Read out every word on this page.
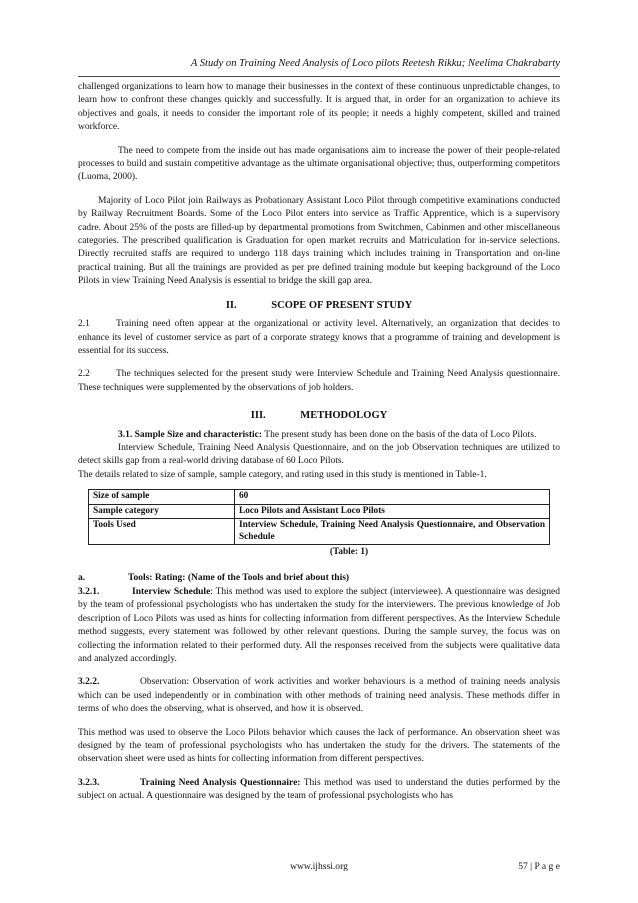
A Study on Training Need Analysis of Loco pilots Reetesh Rikku; Neelima Chakrabarty

challenged organizations to learn how to manage their businesses in the context of these continuous unpredictable changes, to learn how to confront these changes quickly and successfully. It is argued that, in order for an organization to achieve its objectives and goals, it needs to consider the important role of its people; it needs a highly competent, skilled and trained workforce.

The need to compete from the inside out has made organisations aim to increase the power of their people-related processes to build and sustain competitive advantage as the ultimate organisational objective; thus, outperforming competitors (Luoma, 2000).

Majority of Loco Pilot join Railways as Probationary Assistant Loco Pilot through competitive examinations conducted by Railway Recruitment Boards. Some of the Loco Pilot enters into service as Traffic Apprentice, which is a supervisory cadre. About 25% of the posts are filled-up by departmental promotions from Switchmen, Cabinmen and other miscellaneous categories. The prescribed qualification is Graduation for open market recruits and Matriculation for in-service selections. Directly recruited staffs are required to undergo 118 days training which includes training in Transportation and on-line practical training. But all the trainings are provided as per pre defined training module but keeping background of the Loco Pilots in view Training Need Analysis is essential to bridge the skill gap area.

II.	SCOPE OF PRESENT STUDY

2.1	Training need often appear at the organizational or activity level. Alternatively, an organization that decides to enhance its level of customer service as part of a corporate strategy knows that a programme of training and development is essential for its success.

2.2	The techniques selected for the present study were Interview Schedule and Training Need Analysis questionnaire. These techniques were supplemented by the observations of job holders.

III.	METHODOLOGY

3.1. Sample Size and characteristic: The present study has been done on the basis of the data of Loco Pilots.

Interview Schedule, Training Need Analysis Questionnaire, and on the job Observation techniques are utilized to detect skills gap from a real-world driving database of 60 Loco Pilots.

The details related to size of sample, sample category, and rating used in this study is mentioned in Table-1.

Size of sample	60
Sample category	Loco Pilots and Assistant Loco Pilots
Tools Used	Interview Schedule, Training Need Analysis Questionnaire, and Observation Schedule
(Table: 1)

a.	Tools: Rating: (Name of the Tools and brief about this)

3.2.1.	Interview Schedule: This method was used to explore the subject (interviewee). A questionnaire was designed by the team of professional psychologists who has undertaken the study for the interviewers. The previous knowledge of Job description of Loco Pilots was used as hints for collecting information from different perspectives. As the Interview Schedule method suggests, every statement was followed by other relevant questions. During the sample survey, the focus was on collecting the information related to their performed duty. All the responses received from the subjects were qualitative data and analyzed accordingly.

3.2.2.	Observation: Observation of work activities and worker behaviours is a method of training needs analysis which can be used independently or in combination with other methods of training need analysis. These methods differ in terms of who does the observing, what is observed, and how it is observed.

This method was used to observe the Loco Pilots behavior which causes the lack of performance. An observation sheet was designed by the team of professional psychologists who has undertaken the study for the drivers. The statements of the observation sheet were used as hints for collecting information from different perspectives.

3.2.3.	Training Need Analysis Questionnaire: This method was used to understand the duties performed by the subject on actual. A questionnaire was designed by the team of professional psychologists who has

www.ijhssi.org	57 | P a g e
